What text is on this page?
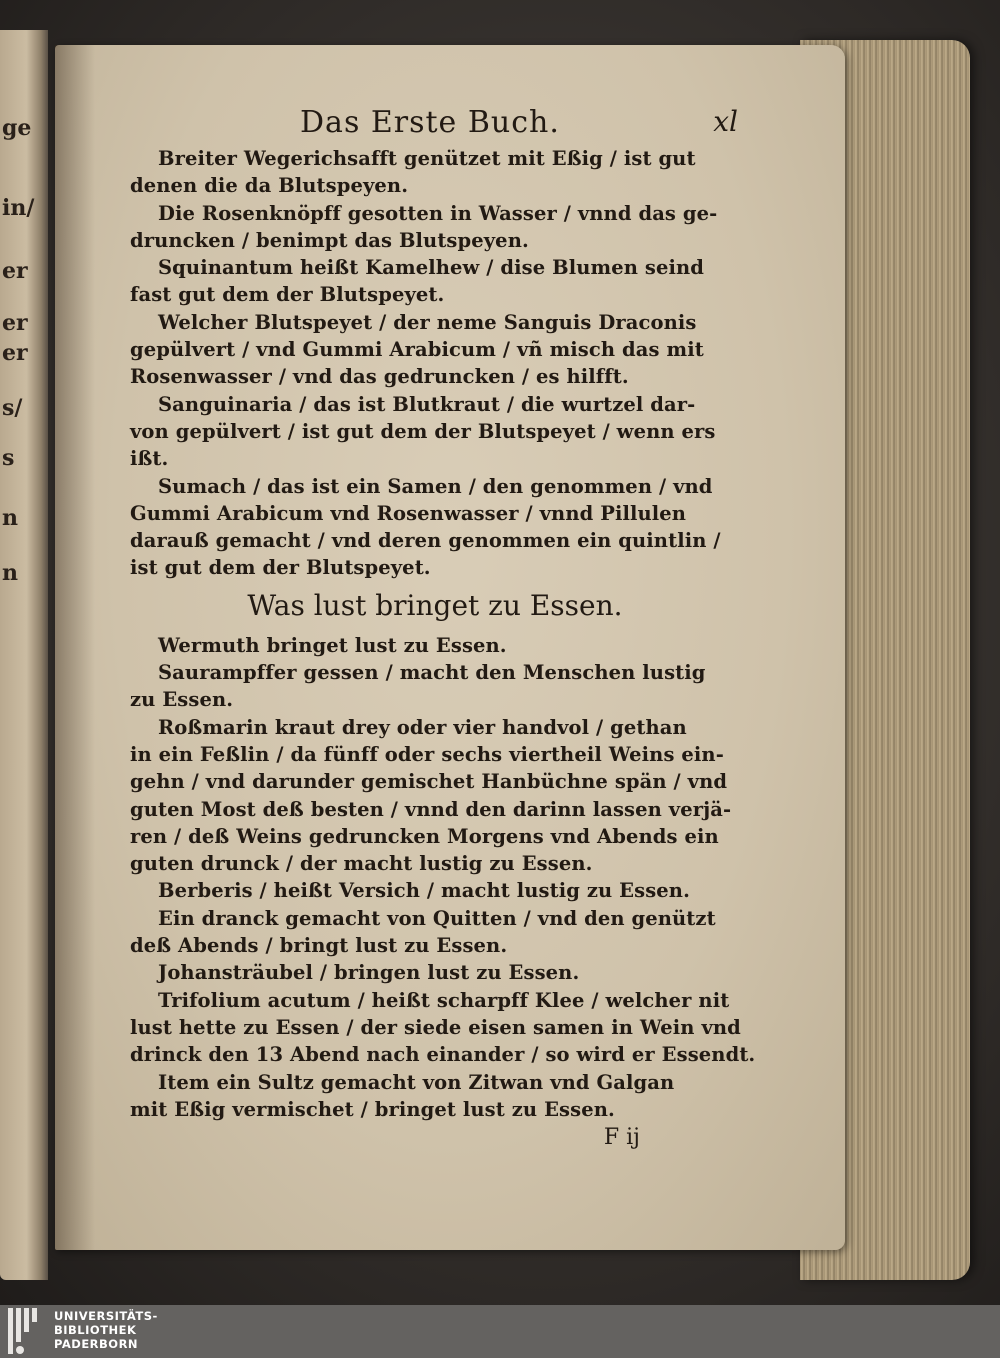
ge
in/
er
er
er
s/
s
n
n
Das Erste Buch.	xl
Breiter Wegerichsafft genützet mit Eßig / ist gut
denen die da Blutspeyen.
Die Rosenknöpff gesotten in Wasser / vnnd das ge-
druncken / benimpt das Blutspeyen.
Squinantum heißt Kamelhew / dise Blumen seind
fast gut dem der Blutspeyet.
Welcher Blutspeyet / der neme Sanguis Draconis
gepülvert / vnd Gummi Arabicum / vñ misch das mit
Rosenwasser / vnd das gedruncken / es hilfft.
Sanguinaria / das ist Blutkraut / die wurtzel dar-
von gepülvert / ist gut dem der Blutspeyet / wenn ers
ißt.
Sumach / das ist ein Samen / den genommen / vnd
Gummi Arabicum vnd Rosenwasser / vnnd Pillulen
darauß gemacht / vnd deren genommen ein quintlin /
ist gut dem der Blutspeyet.
Was lust bringet zu Essen.
Wermuth bringet lust zu Essen.
Saurampffer gessen / macht den Menschen lustig
zu Essen.
Roßmarin kraut drey oder vier handvol / gethan
in ein Feßlin / da fünff oder sechs viertheil Weins ein-
gehn / vnd darunder gemischet Hanbüchne spän / vnd
guten Most deß besten / vnnd den darinn lassen verjä-
ren / deß Weins gedruncken Morgens vnd Abends ein
guten drunck / der macht lustig zu Essen.
Berberis / heißt Versich / macht lustig zu Essen.
Ein dranck gemacht von Quitten / vnd den genützt
deß Abends / bringt lust zu Essen.
Johansträubel / bringen lust zu Essen.
Trifolium acutum / heißt scharpff Klee / welcher nit
lust hette zu Essen / der siede eisen samen in Wein vnd
drinck den 13 Abend nach einander / so wird er Essendt.
Item ein Sultz gemacht von Zitwan vnd Galgan
mit Eßig vermischet / bringet lust zu Essen.
F ij
UNIVERSITÄTS-
BIBLIOTHEK
PADERBORN
